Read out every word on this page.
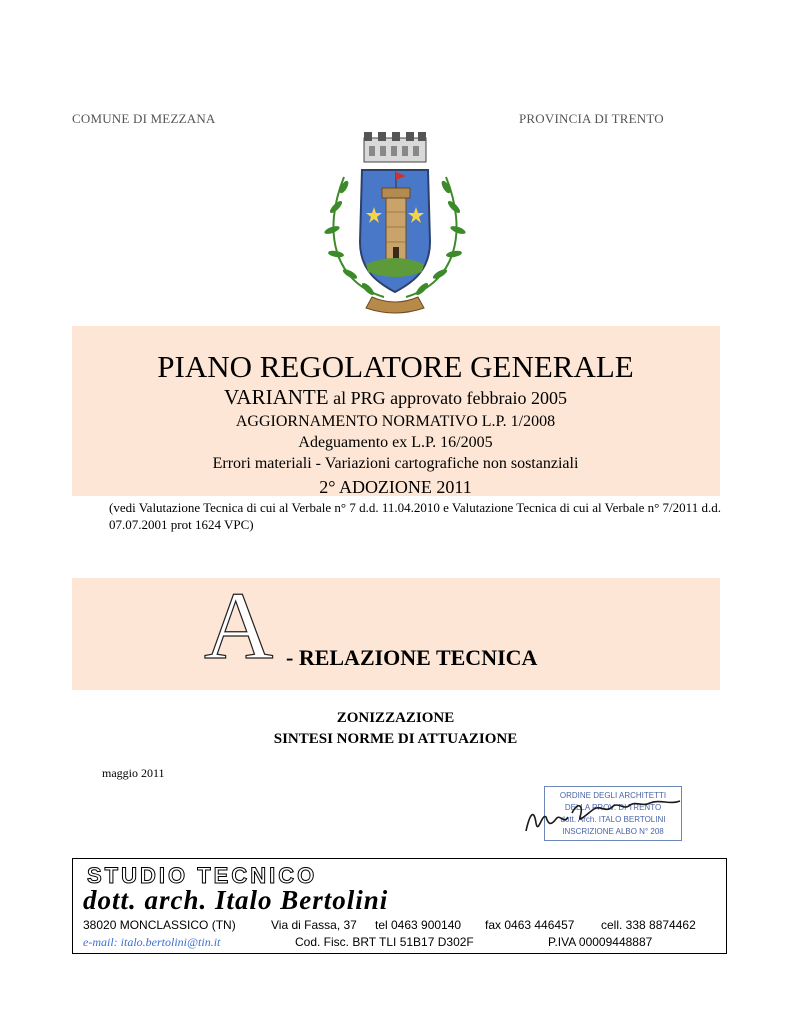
COMUNE DI MEZZANA	PROVINCIA DI TRENTO
PIANO REGOLATORE GENERALE
VARIANTE al PRG approvato febbraio 2005
AGGIORNAMENTO NORMATIVO L.P. 1/2008
Adeguamento ex L.P. 16/2005
Errori materiali - Variazioni cartografiche non sostanziali
2° ADOZIONE 2011
(vedi Valutazione Tecnica di cui al Verbale n° 7 d.d. 11.04.2010 e Valutazione Tecnica di cui al Verbale n° 7/2011 d.d. 07.07.2001 prot 1624 VPC)
A - RELAZIONE TECNICA
ZONIZZAZIONE
SINTESI NORME DI ATTUAZIONE
maggio 2011
ORDINE DEGLI ARCHITETTI
DELLA PROV. DI TRENTO
dott. Arch. ITALO BERTOLINI
INSCRIZIONE ALBO N° 208
STUDIO TECNICO
dott. arch. Italo Bertolini
38020 MONCLASSICO (TN)	Via di Fassa, 37 tel 0463 900140 fax 0463 446457 cell. 338 8874462
e-mail: italo.bertolini@tin.it	Cod. Fisc. BRT TLI 51B17 D302F	P.IVA 00009448887
